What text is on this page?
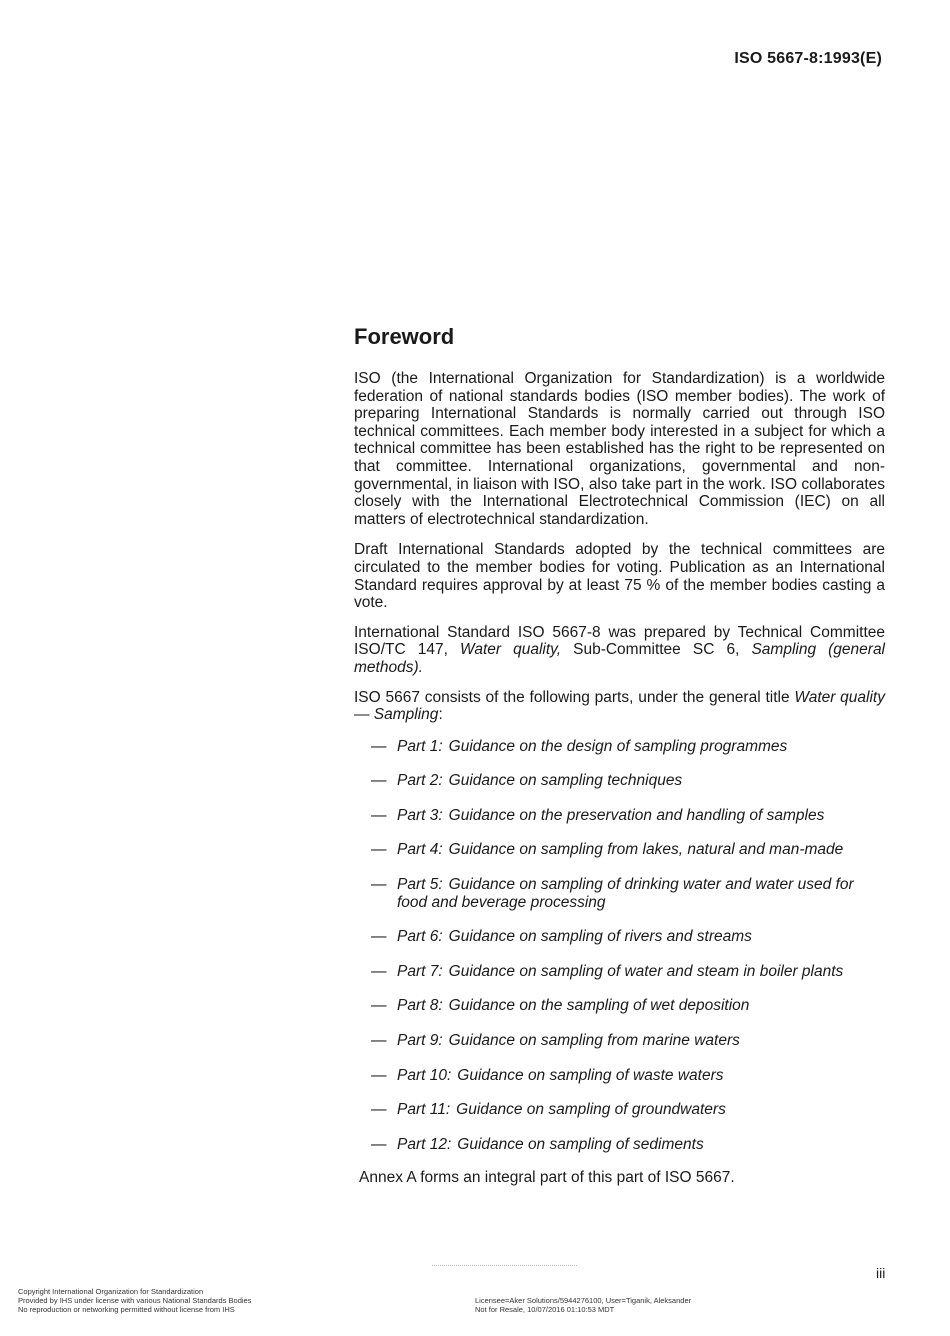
ISO 5667-8:1993(E)
Foreword

ISO (the International Organization for Standardization) is a worldwide federation of national standards bodies (ISO member bodies). The work of preparing International Standards is normally carried out through ISO technical committees. Each member body interested in a subject for which a technical committee has been established has the right to be represented on that committee. International organizations, governmental and non-governmental, in liaison with ISO, also take part in the work. ISO collaborates closely with the International Electrotechnical Commission (IEC) on all matters of electrotechnical standardization.

Draft International Standards adopted by the technical committees are circulated to the member bodies for voting. Publication as an International Standard requires approval by at least 75 % of the member bodies casting a vote.

International Standard ISO 5667-8 was prepared by Technical Committee ISO/TC 147, Water quality, Sub-Committee SC 6, Sampling (general methods).

ISO 5667 consists of the following parts, under the general title Water quality — Sampling:

— Part 1: Guidance on the design of sampling programmes
— Part 2: Guidance on sampling techniques
— Part 3: Guidance on the preservation and handling of samples
— Part 4: Guidance on sampling from lakes, natural and man-made
— Part 5: Guidance on sampling of drinking water and water used for food and beverage processing
— Part 6: Guidance on sampling of rivers and streams
— Part 7: Guidance on sampling of water and steam in boiler plants
— Part 8: Guidance on the sampling of wet deposition
— Part 9: Guidance on sampling from marine waters
— Part 10: Guidance on sampling of waste waters
— Part 11: Guidance on sampling of groundwaters
— Part 12: Guidance on sampling of sediments
Annex A forms an integral part of this part of ISO 5667.
iii
Copyright International Organization for Standardization
Provided by IHS under license with various National Standards Bodies
No reproduction or networking permitted without license from IHS
Licensee=Aker Solutions/5944276100, User=Tiganik, Aleksander
Not for Resale, 10/07/2016 01:10:53 MDT
